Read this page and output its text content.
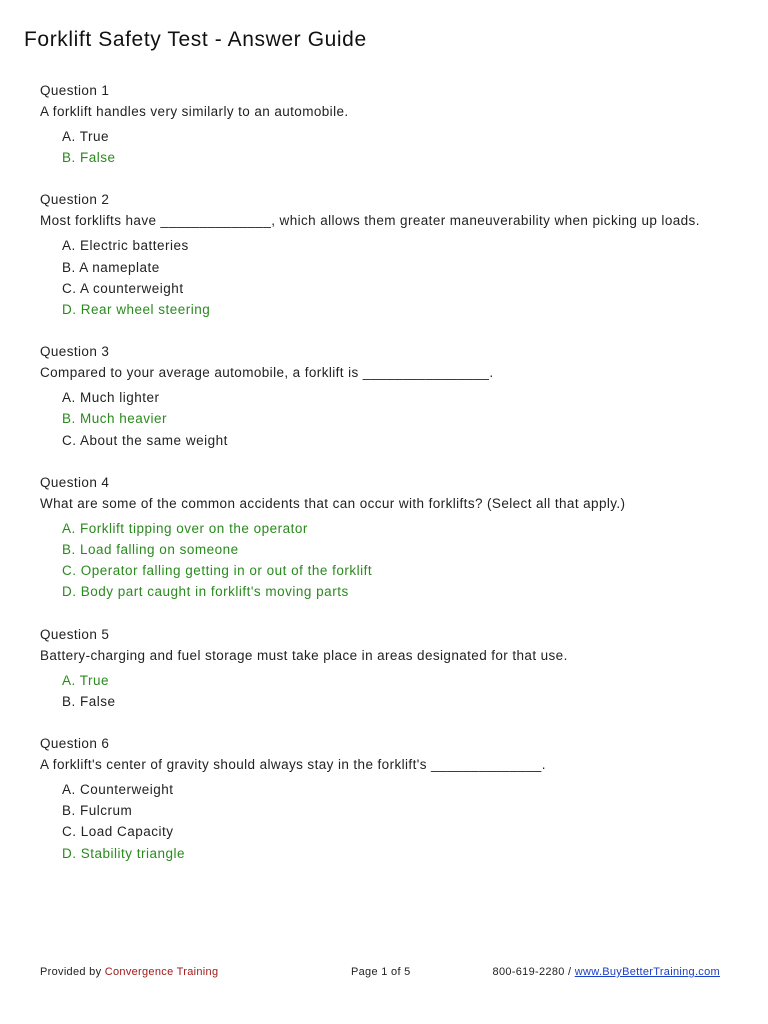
Forklift Safety Test - Answer Guide
Question 1
A forklift handles very similarly to an automobile.
A. True
B. False
Question 2
Most forklifts have ______________, which allows them greater maneuverability when picking up loads.
A. Electric batteries
B. A nameplate
C. A counterweight
D. Rear wheel steering
Question 3
Compared to your average automobile, a forklift is ________________.
A. Much lighter
B. Much heavier
C. About the same weight
Question 4
What are some of the common accidents that can occur with forklifts? (Select all that apply.)
A. Forklift tipping over on the operator
B. Load falling on someone
C. Operator falling getting in or out of the forklift
D. Body part caught in forklift's moving parts
Question 5
Battery-charging and fuel storage must take place in areas designated for that use.
A. True
B. False
Question 6
A forklift's center of gravity should always stay in the forklift's ______________.
A. Counterweight
B. Fulcrum
C. Load Capacity
D. Stability triangle
Provided by Convergence Training	Page 1 of 5	800-619-2280 / www.BuyBetterTraining.com
